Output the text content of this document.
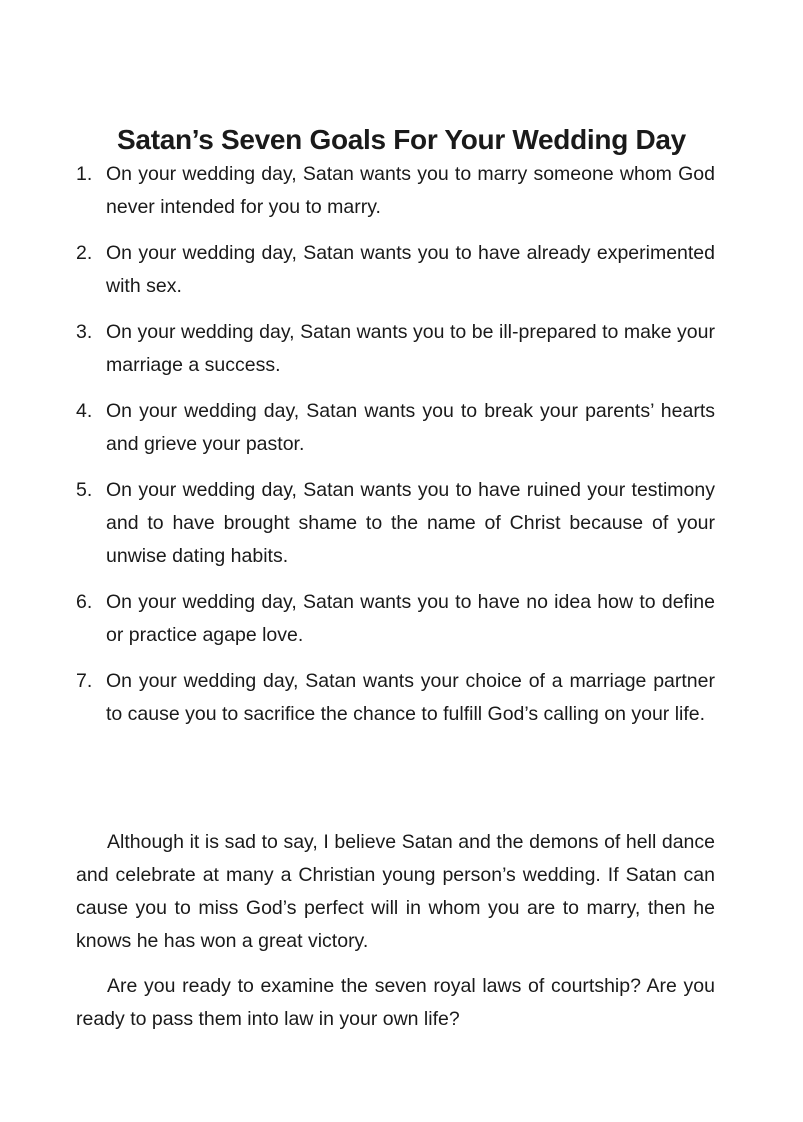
Satan’s Seven Goals For Your Wedding Day
1. On your wedding day, Satan wants you to marry someone whom God never intended for you to marry.
2. On your wedding day, Satan wants you to have already experimented with sex.
3. On your wedding day, Satan wants you to be ill-prepared to make your marriage a success.
4. On your wedding day, Satan wants you to break your parents’ hearts and grieve your pastor.
5. On your wedding day, Satan wants you to have ruined your testimony and to have brought shame to the name of Christ because of your unwise dating habits.
6. On your wedding day, Satan wants you to have no idea how to define or practice agape love.
7. On your wedding day, Satan wants your choice of a marriage partner to cause you to sacrifice the chance to fulfill God’s calling on your life.

Although it is sad to say, I believe Satan and the demons of hell dance and celebrate at many a Christian young person’s wedding. If Satan can cause you to miss God’s perfect will in whom you are to marry, then he knows he has won a great victory.

Are you ready to examine the seven royal laws of courtship? Are you ready to pass them into law in your own life?
